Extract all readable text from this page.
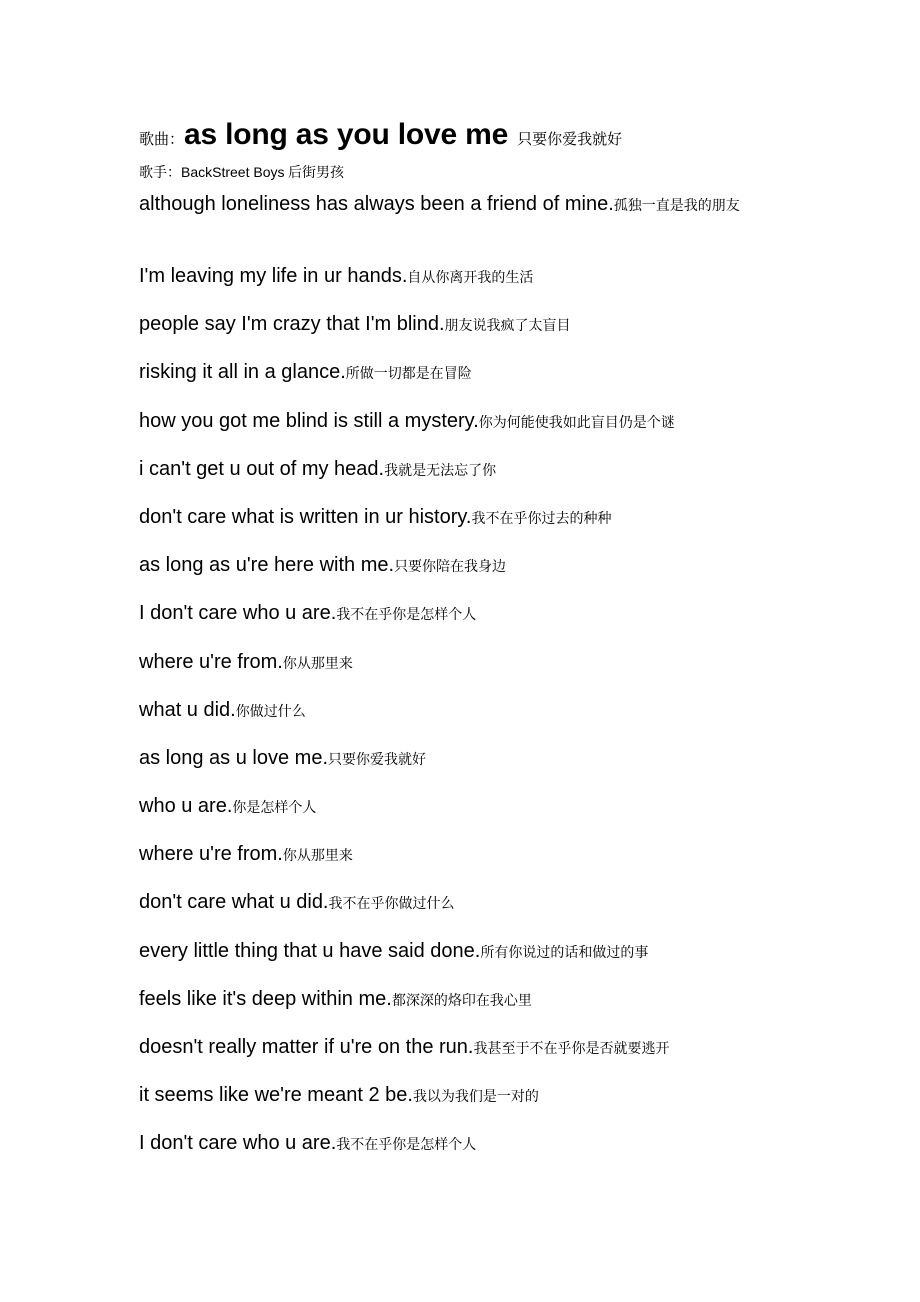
歌曲： as long as you love me 只要你爱我就好
歌手：BackStreet Boys 后街男孩
although loneliness has always been a friend of mine.孤独一直是我的朋友
I'm leaving my life in ur hands.自从你离开我的生活
people say I'm crazy that I'm blind.朋友说我疯了太盲目
risking it all in a glance.所做一切都是在冒险
how you got me blind is still a mystery.你为何能使我如此盲目仍是个谜
i can't get u out of my head.我就是无法忘了你
don't care what is written in ur history.我不在乎你过去的种种
as long as u're here with me.只要你陪在我身边
I don't care who u are.我不在乎你是怎样个人
where u're from.你从那里来
what u did.你做过什么
as long as u love me.只要你爱我就好
who u are.你是怎样个人
where u're from.你从那里来
don't care what u did.我不在乎你做过什么
every little thing that u have said done.所有你说过的话和做过的事
feels like it's deep within me.都深深的烙印在我心里
doesn't really matter if u're on the run.我甚至于不在乎你是否就要逃开
it seems like we're meant 2 be.我以为我们是一对的
I don't care who u are.我不在乎你是怎样个人
